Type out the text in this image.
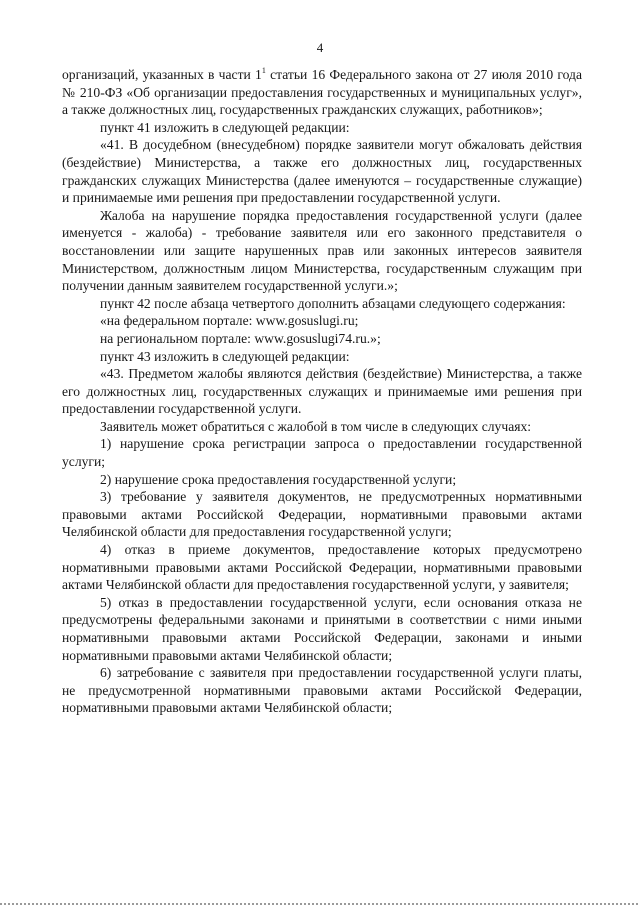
4

организаций, указанных в части $1^1$ статьи 16 Федерального закона от 27 июля 2010 года № 210-ФЗ «Об организации предоставления государственных и муниципальных услуг», а также должностных лиц, государственных гражданских служащих, работников»;

пункт 41 изложить в следующей редакции:

«41. В досудебном (внесудебном) порядке заявители могут обжаловать действия (бездействие) Министерства, а также его должностных лиц, государственных гражданских служащих Министерства (далее именуются – государственные служащие) и принимаемые ими решения при предоставлении государственной услуги.

Жалоба на нарушение порядка предоставления государственной услуги (далее именуется - жалоба) - требование заявителя или его законного представителя о восстановлении или защите нарушенных прав или законных интересов заявителя Министерством, должностным лицом Министерства, государственным служащим при получении данным заявителем государственной услуги.»;

пункт 42 после абзаца четвертого дополнить абзацами следующего содержания:

«на федеральном портале: www.gosuslugi.ru;

на региональном портале: www.gosuslugi74.ru.»;

пункт 43 изложить в следующей редакции:

«43. Предметом жалобы являются действия (бездействие) Министерства, а также его должностных лиц, государственных служащих и принимаемые ими решения при предоставлении государственной услуги.

Заявитель может обратиться с жалобой в том числе в следующих случаях:

1) нарушение срока регистрации запроса о предоставлении государственной услуги;

2) нарушение срока предоставления государственной услуги;

3) требование у заявителя документов, не предусмотренных нормативными правовыми актами Российской Федерации, нормативными правовыми актами Челябинской области для предоставления государственной услуги;

4) отказ в приеме документов, предоставление которых предусмотрено нормативными правовыми актами Российской Федерации, нормативными правовыми актами Челябинской области для предоставления государственной услуги, у заявителя;

5) отказ в предоставлении государственной услуги, если основания отказа не предусмотрены федеральными законами и принятыми в соответствии с ними иными нормативными правовыми актами Российской Федерации, законами и иными нормативными правовыми актами Челябинской области;

6) затребование с заявителя при предоставлении государственной услуги платы, не предусмотренной нормативными правовыми актами Российской Федерации, нормативными правовыми актами Челябинской области;
